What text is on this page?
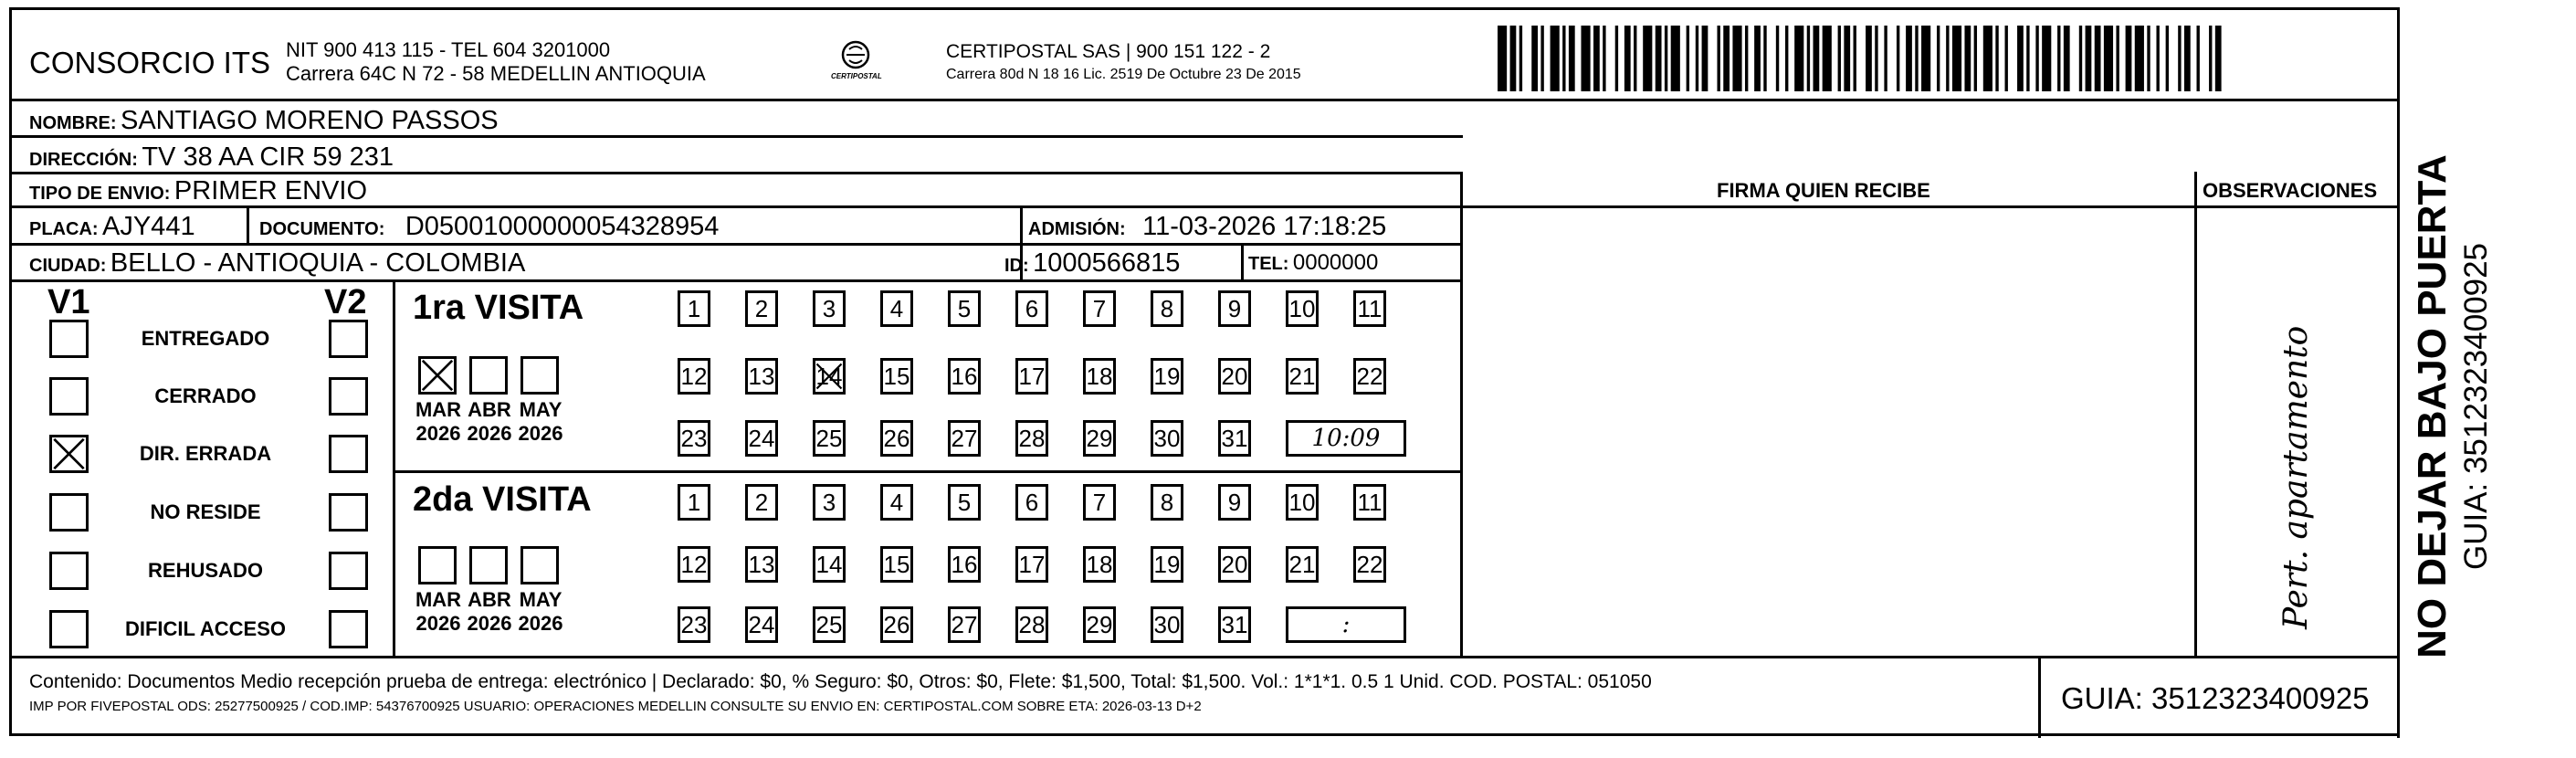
CONSORCIO ITS NIT 900 413 115 - TEL 604 3201000
Carrera 64C N 72 - 58 MEDELLIN ANTIOQUIA	CERTIPOSTAL
CERTIPOSTAL SAS | 900 151 122 - 2
Carrera 80d N 18 16 Lic. 2519 De Octubre 23 De 2015
NOMBRE: SANTIAGO MORENO PASSOS
DIRECCIÓN: TV 38 AA CIR 59 231
TIPO DE ENVIO: PRIMER ENVIO	FIRMA QUIEN RECIBE	OBSERVACIONES
PLACA: AJY441	DOCUMENTO: D05001000000054328954	ADMISIÓN: 11-03-2026 17:18:25
CIUDAD: BELLO - ANTIOQUIA - COLOMBIA	ID: 1000566815	TEL: 0000000
V1	V2
ENTREGADO
CERRADO
DIR. ERRADA
NO RESIDE
REHUSADO
DIFICIL ACCESO
1ra VISITA
MAR
2026
ABR
2026
MAY
2026
1	2	3	4	5	6	7	8	9	10 11
12 13 14 15 16 17 18 19 20 21 22
23 24 25 26 27 28 29 30 31	10:09
2da VISITA
MAR
2026
ABR
2026
MAY
2026
1	2	3	4	5	6	7	8	9	10 11
12 13 14 15 16 17 18 19 20 21 22
23 24 25 26 27 28 29 30 31	:	Pert. apartamento
Contenido: Documentos Medio recepción prueba de entrega: electrónico | Declarado: $0, % Seguro: $0, Otros: $0, Flete: $1,500, Total: $1,500. Vol.: 1*1*1. 0.5 1 Unid. COD. POSTAL: 051050
IMP POR FIVEPOSTAL ODS: 25277500925 / COD.IMP: 54376700925 USUARIO: OPERACIONES MEDELLIN CONSULTE SU ENVIO EN: CERTIPOSTAL.COM SOBRE ETA: 2026-03-13 D+2	GUIA: 3512323400925
NO DEJAR BAJO PUERTA GUIA: 3512323400925
